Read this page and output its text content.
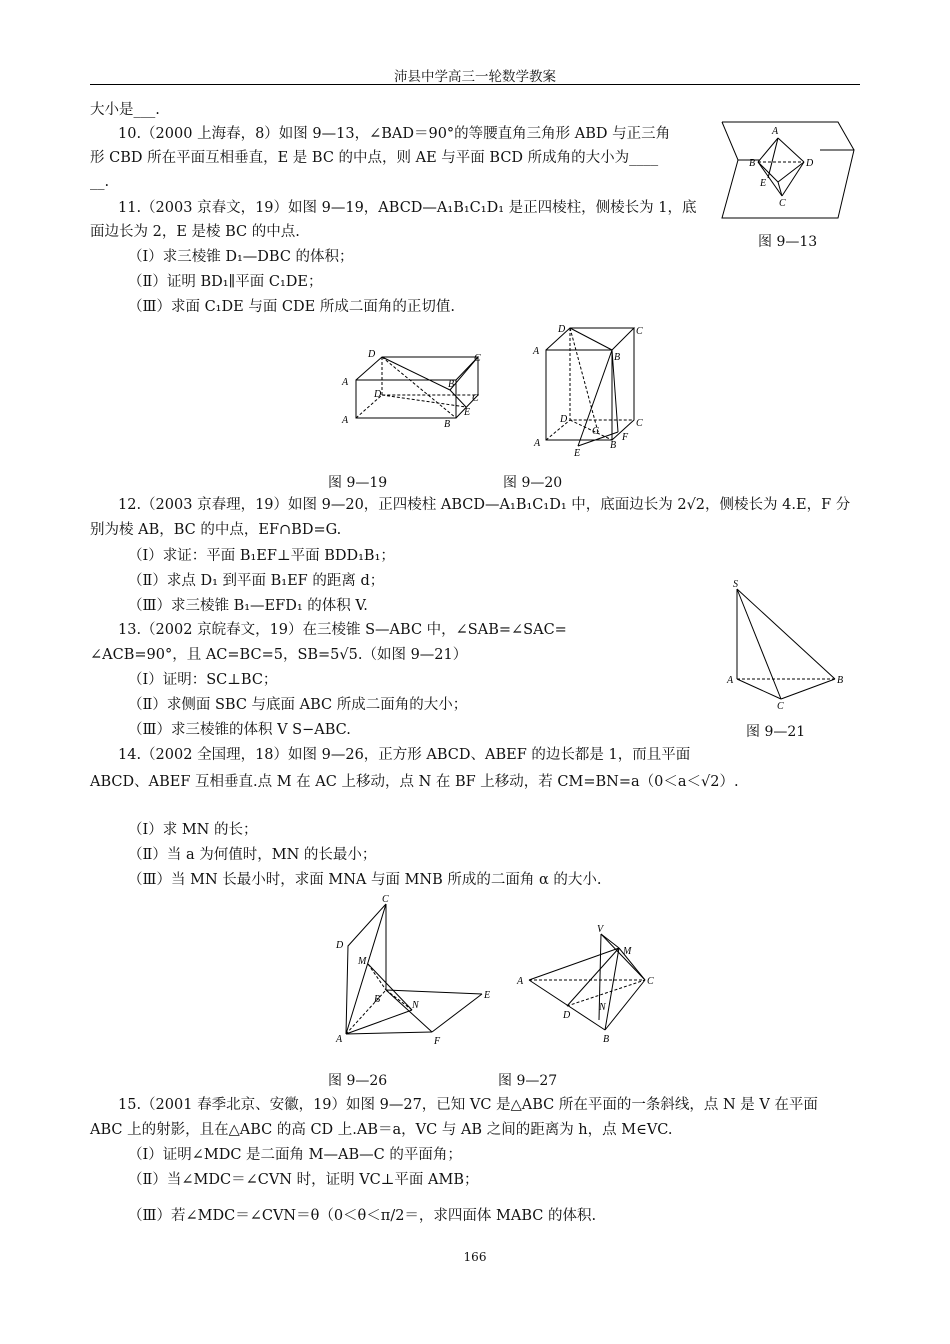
沛县中学高三一轮数学教案
大小是___.
10.（2000 上海春，8）如图 9—13，∠BAD＝90°的等腰直角三角形 ABD 与正三角
形 CBD 所在平面互相垂直，E 是 BC 的中点，则 AE 与平面 BCD 所成角的大小为____
__.
11.（2003 京春文，19）如图 9—19，ABCD—A₁B₁C₁D₁ 是正四棱柱，侧棱长为 1，底
面边长为 2，E 是棱 BC 的中点.
（Ⅰ）求三棱锥 D₁—DBC 的体积；
（Ⅱ）证明 BD₁∥平面 C₁DE；
（Ⅲ）求面 C₁DE 与面 CDE 所成二面角的正切值.
12.（2003 京春理，19）如图 9—20，正四棱柱 ABCD—A₁B₁C₁D₁ 中，底面边长为 2√2，侧棱长为 4.E，F 分
别为棱 AB，BC 的中点，EF∩BD=G.
（Ⅰ）求证：平面 B₁EF⊥平面 BDD₁B₁；
（Ⅱ）求点 D₁ 到平面 B₁EF 的距离 d；
（Ⅲ）求三棱锥 B₁—EFD₁ 的体积 V.
13.（2002 京皖春文，19）在三棱锥 S—ABC 中，∠SAB=∠SAC=
∠ACB=90°，且 AC=BC=5，SB=5√5.（如图 9—21）
（Ⅰ）证明：SC⊥BC；
（Ⅱ）求侧面 SBC 与底面 ABC 所成二面角的大小；
（Ⅲ）求三棱锥的体积 V S−ABC.
14.（2002 全国理，18）如图 9—26，正方形 ABCD、ABEF 的边长都是 1，而且平面
ABCD、ABEF 互相垂直.点 M 在 AC 上移动，点 N 在 BF 上移动，若 CM=BN=a（0＜a＜√2）.
（Ⅰ）求 MN 的长；
（Ⅱ）当 a 为何值时，MN 的长最小；
（Ⅲ）当 MN 长最小时，求面 MNA 与面 MNB 所成的二面角 α 的大小.
15.（2001 春季北京、安徽，19）如图 9—27，已知 VC 是△ABC 所在平面的一条斜线，点 N 是 V 在平面
ABC 上的射影，且在△ABC 的高 CD 上.AB＝a，VC 与 AB 之间的距离为 h，点 M∈VC.
（Ⅰ）证明∠MDC 是二面角 M—AB—C 的平面角；
（Ⅱ）当∠MDC＝∠CVN 时，证明 VC⊥平面 AMB；
（Ⅲ）若∠MDC＝∠CVN＝θ（0＜θ＜π/2＝，求四面体 MABC 的体积.
166
A
B	D
E
C
图 9—13
D	C
A	B
D	C
A	B
E
图 9—19
D	C
A
B
D	C
G
F
A	B
E
图 9—20
S
A	B
C
图 9—21
C
D
M
B
N
E
A	F
图 9—26
V
M
A	C
D
N
B
图 9—27
